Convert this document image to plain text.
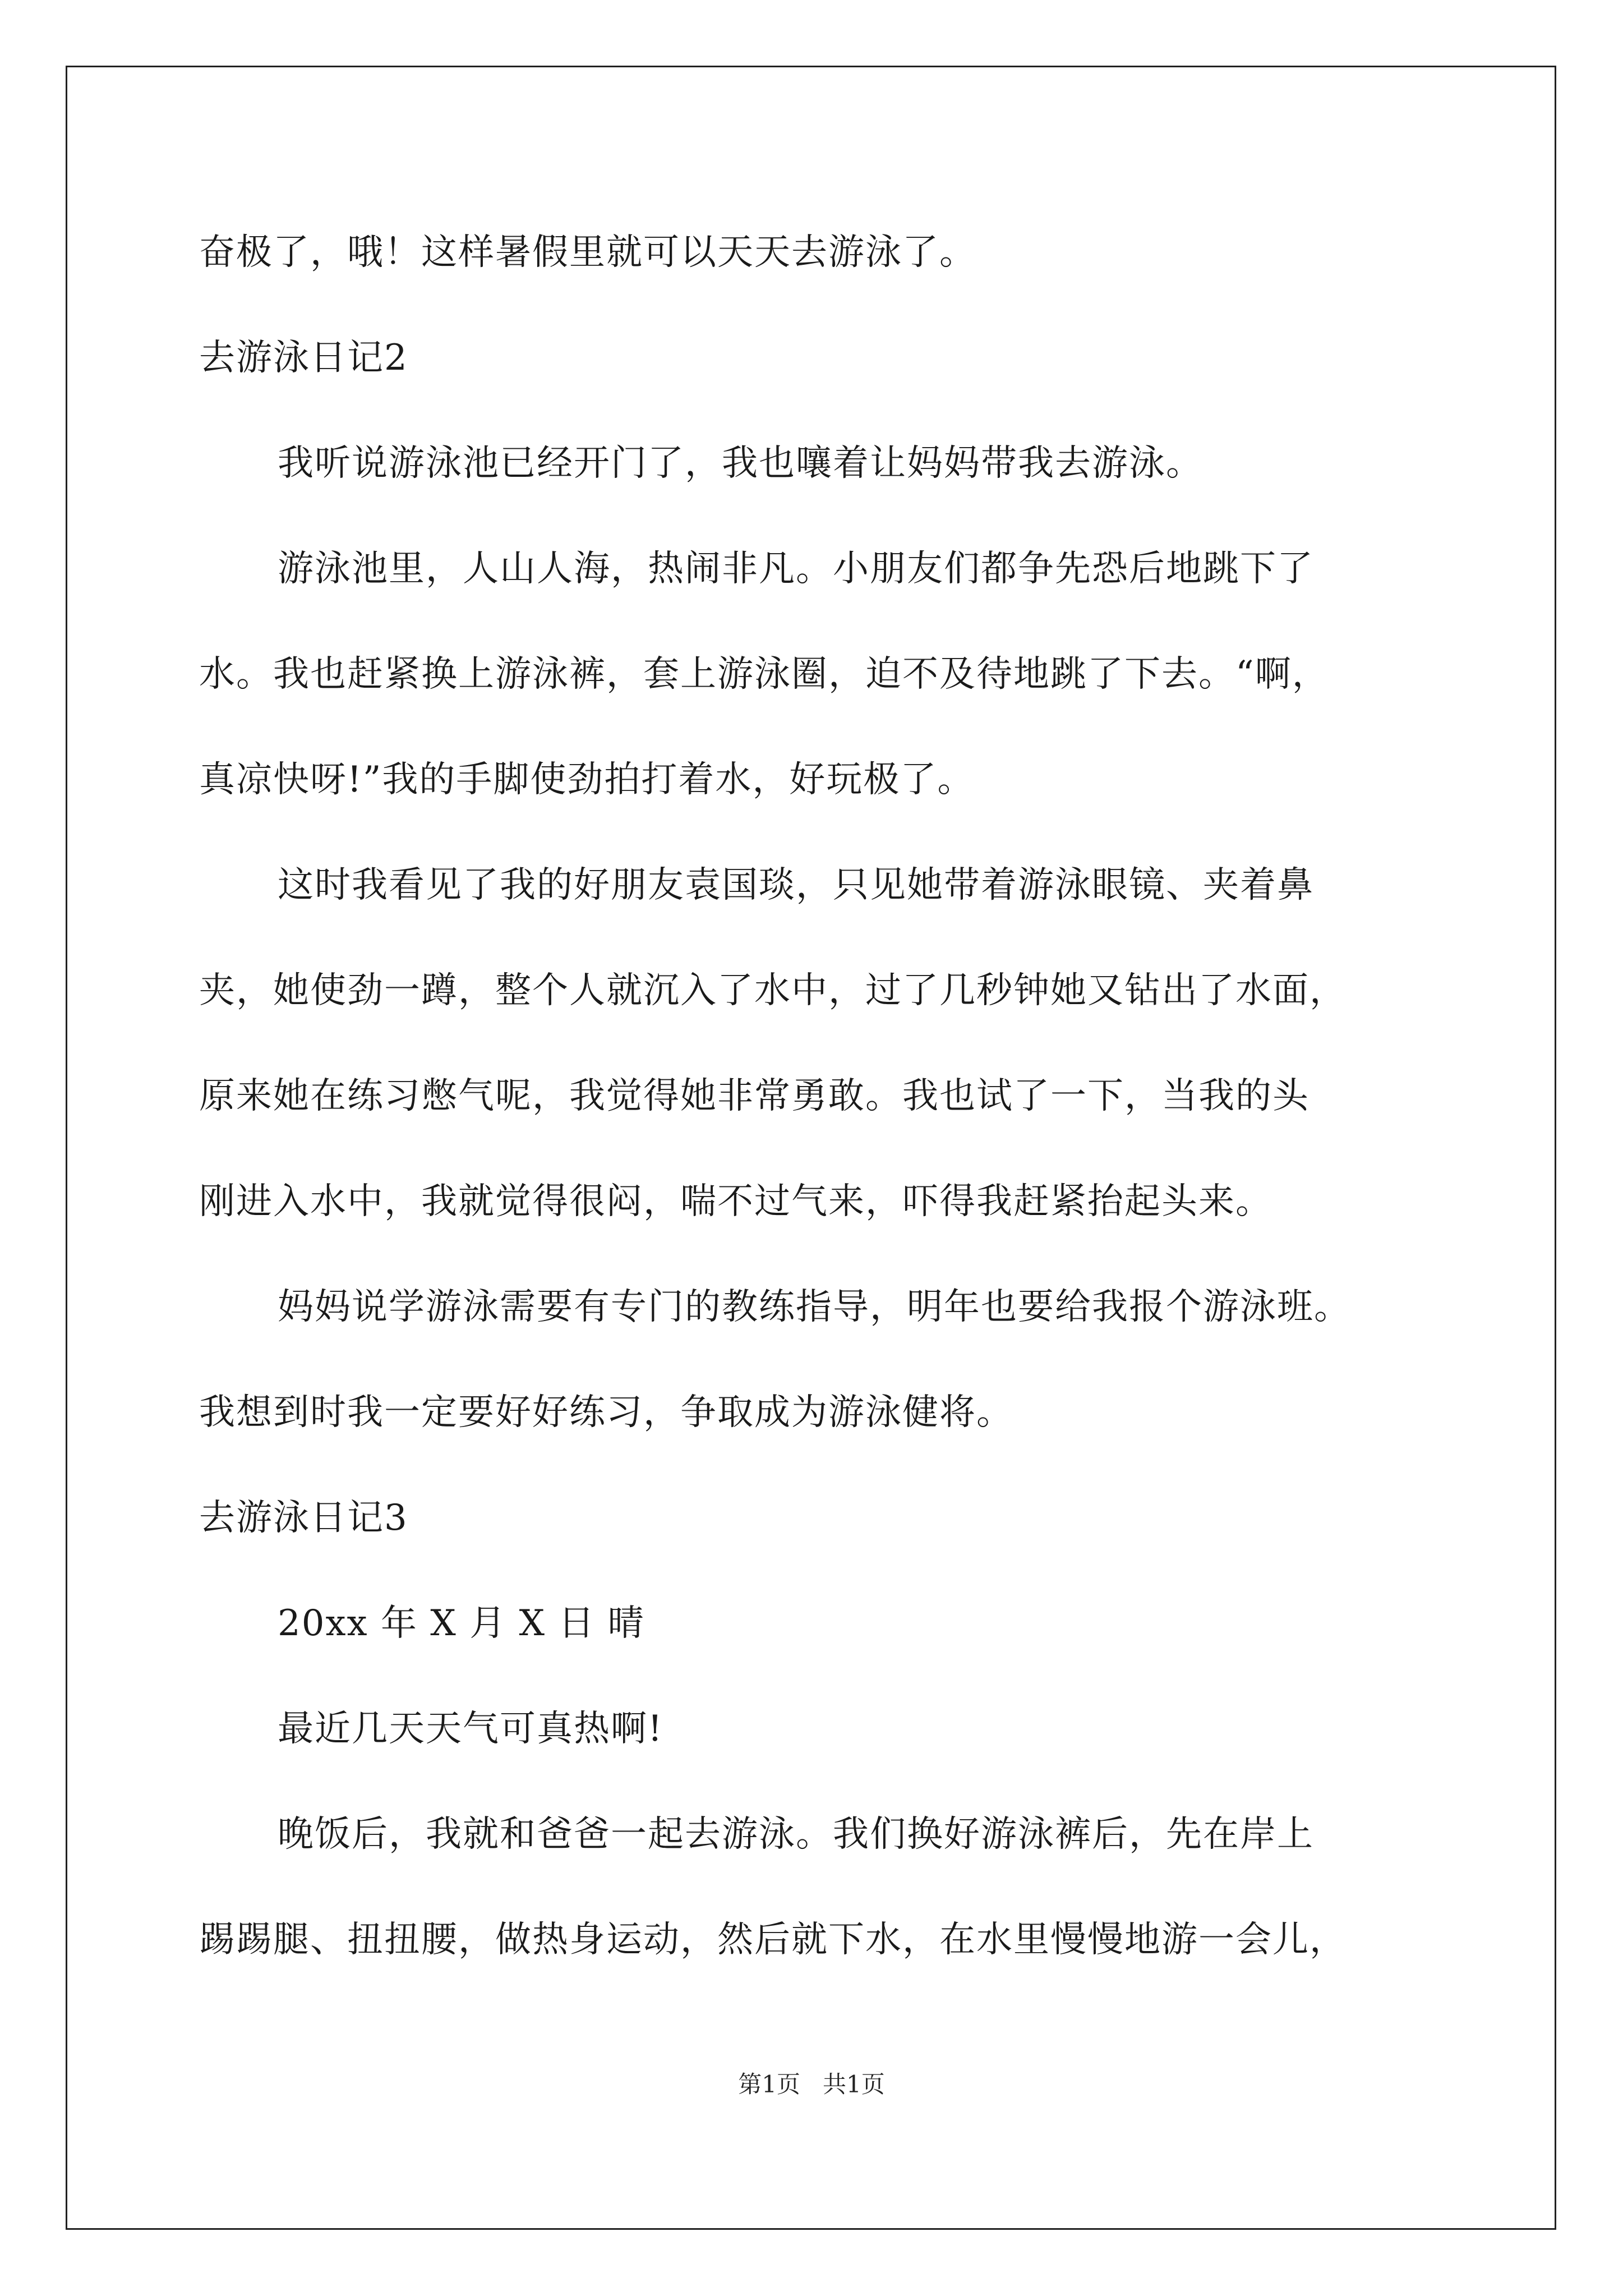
奋极了，哦！这样暑假里就可以天天去游泳了。
去游泳日记2
我听说游泳池已经开门了，我也嚷着让妈妈带我去游泳。
游泳池里，人山人海，热闹非凡。小朋友们都争先恐后地跳下了
水。我也赶紧换上游泳裤，套上游泳圈，迫不及待地跳了下去。“啊，
真凉快呀!”我的手脚使劲拍打着水，好玩极了。
这时我看见了我的好朋友袁国琰，只见她带着游泳眼镜、夹着鼻
夹，她使劲一蹲，整个人就沉入了水中，过了几秒钟她又钻出了水面，
原来她在练习憋气呢，我觉得她非常勇敢。我也试了一下，当我的头
刚进入水中，我就觉得很闷，喘不过气来，吓得我赶紧抬起头来。
妈妈说学游泳需要有专门的教练指导，明年也要给我报个游泳班。
我想到时我一定要好好练习，争取成为游泳健将。
去游泳日记3
20xx 年 X 月 X 日 晴
最近几天天气可真热啊!
晚饭后，我就和爸爸一起去游泳。我们换好游泳裤后，先在岸上
踢踢腿、扭扭腰，做热身运动，然后就下水，在水里慢慢地游一会儿，
第1页 共1页
